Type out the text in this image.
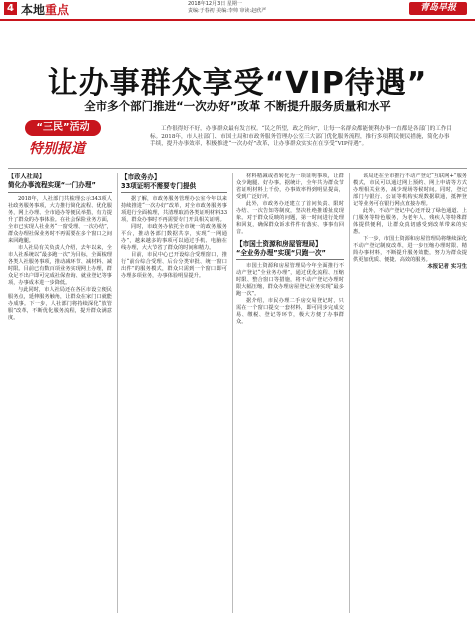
4 本地重点	2018年12月3日 星期一
责编:于春初 美编:李帅 审读:赵欣严	青岛早报
让办事群众享受“VIP待遇”
全市多个部门推进“一次办好”改革 不断提升服务质量和水平
“三民”活动
特别报道
工作很得好不好，办事群众最有发言权。“民之所望，政之所向”，让每一名群众都能便利办事一直都是各部门的工作目标。2018年，市人社部门、市国土局和市政务服务管理办公室三大部门优化服务流程，推行多项利民便民措施，简化办事手续，提升办事效率，积极推进“一次办好”改革，让办事群众实实在在享受“VIP待遇”。

【市人社局】

简化办事流程实现“一门办理”

2018年，人社部门共梳理公示343项人社政务服务事项，大力推行简化流程、优化服务，网上办理、全市通办等便民举措，有力提升了群众的办事体验。在社会保险业务方面，全市已实现人社业务“一窗受理、一次办结”，群众办理社保业务时不再需要在多个窗口之间来回跑腿。

市人社局有关负责人介绍，去年以来，全市人社系统以“最多跑一次”为目标，全面梳理各类人社服务事项，推动减环节、减材料、减时限。目前已有数百项业务实现网上办理，群众足不出户即可完成社保查询、就业登记等事项，办事成本进一步降低。

与此同时，市人社局还在各区市设立便民服务点，延伸服务触角，让群众在家门口就能办成事。下一步，人社部门将持续深化“放管服”改革，不断优化服务流程，提升群众满意度。

【市政务办】

33项证明不需要专门提供

据了解，市政务服务管理办公室今年以来持续推进“一次办好”改革，对全市政务服务事项进行全面梳理，共清理取消各类证明材料33项，群众办事时不再需要专门开具相关证明。

同时，市政务办依托全市统一的政务服务平台，推动各部门数据共享，实现“一网通办”，越来越多的事项可以通过手机、电脑在线办理，大大节省了群众的时间和精力。

目前，市民中心已开设综合受理窗口，推行“前台综合受理、后台分类审批、统一窗口出件”的服务模式，群众只需到一个窗口即可办理多项业务，办事体验明显提升。

材料精减或者转化为一项证明事项，让群众少跑腿、好办事。据统计，全年共为群众节省证明材料上千份，办事效率得到明显提高，受到广泛好评。

此外，市政务办还建立了首问负责、限时办结、一次告知等制度，坚决杜绝推诿扯皮现象。对于群众反映的问题，第一时间进行处理和回复，确保群众诉求件件有落实、事事有回音。

【市国土资源和房屋管理局】

“全业务办理”实现“只跑一次”

市国土资源和房屋管理局今年全面推行不动产登记“全业务办理”，通过优化流程、压缩时限、整合窗口等措施，将不动产登记办理时限大幅压缩，群众办理房屋登记业务实现“最多跑一次”。

据介绍，市民办理二手房交易登记时，只需在一个窗口提交一套材料，即可同步完成交易、缴税、登记等环节，极大方便了办事群众。

该局还在全市推行不动产登记“互联网+”服务模式，市民可以通过网上预约、网上申请等方式办理相关业务，减少现场等候时间。同时，登记部门与银行、公证等机构实现数据联通，抵押登记等业务可在银行网点直接办理。

此外，不动产登记中心还开设了绿色通道、上门服务等特色服务，为老年人、残疾人等特殊群体提供便利，让群众真切感受到改革带来的实惠。

下一步，市国土资源和房屋管理局将继续深化不动产登记制度改革，进一步压缩办理时限、精简办事材料，不断提升服务效能，努力为群众提供更加优质、便捷、高效的服务。

本报记者 实习生
